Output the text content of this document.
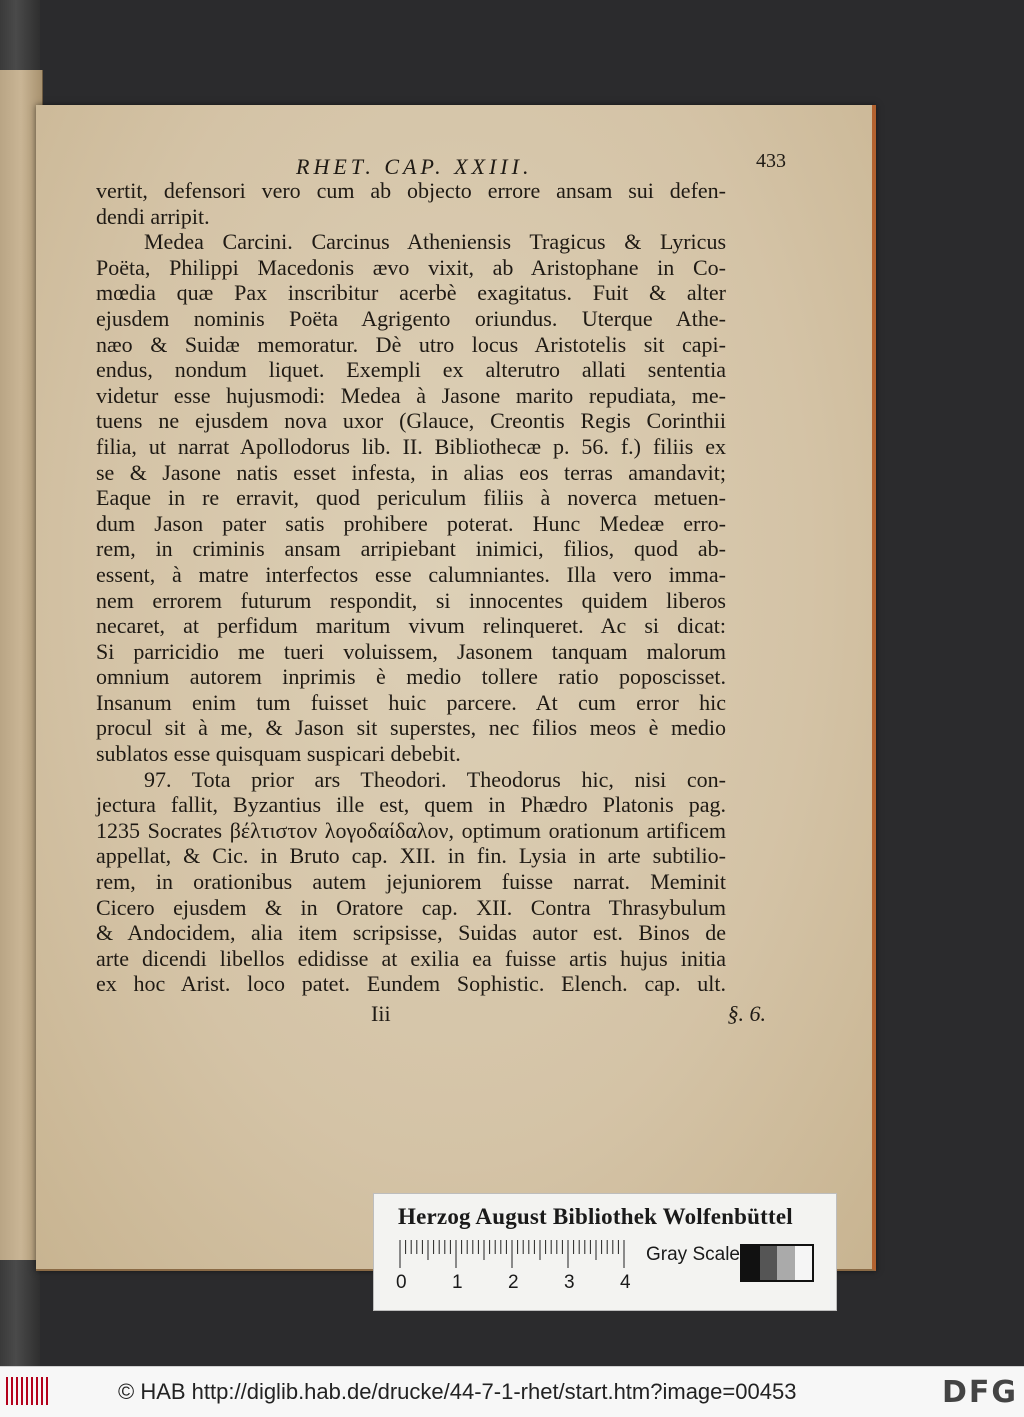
RHET. CAP. XXIII.	433
vertit, defensori vero cum ab objecto errore ansam sui defen-
dendi arripit.
Medea Carcini. Carcinus Atheniensis Tragicus & Lyricus
Poëta, Philippi Macedonis ævo vixit, ab Aristophane in Co-
mœdia quæ Pax inscribitur acerbè exagitatus. Fuit & alter
ejusdem nominis Poëta Agrigento oriundus. Uterque Athe-
næo & Suidæ memoratur. Dè utro locus Aristotelis sit capi-
endus, nondum liquet. Exempli ex alterutro allati sententia
videtur esse hujusmodi: Medea à Jasone marito repudiata, me-
tuens ne ejusdem nova uxor (Glauce, Creontis Regis Corinthii
filia, ut narrat Apollodorus lib. II. Bibliothecæ p. 56. f.) filiis ex
se & Jasone natis esset infesta, in alias eos terras amandavit;
Eaque in re erravit, quod periculum filiis à noverca metuen-
dum Jason pater satis prohibere poterat. Hunc Medeæ erro-
rem, in criminis ansam arripiebant inimici, filios, quod ab-
essent, à matre interfectos esse calumniantes. Illa vero imma-
nem errorem futurum respondit, si innocentes quidem liberos
necaret, at perfidum maritum vivum relinqueret. Ac si dicat:
Si parricidio me tueri voluissem, Jasonem tanquam malorum
omnium autorem inprimis è medio tollere ratio poposcisset.
Insanum enim tum fuisset huic parcere. At cum error hic
procul sit à me, & Jason sit superstes, nec filios meos è medio
sublatos esse quisquam suspicari debebit.
97. Tota prior ars Theodori. Theodorus hic, nisi con-
jectura fallit, Byzantius ille est, quem in Phædro Platonis pag.
1235 Socrates βέλτιστον λογοδαίδαλον, optimum orationum artificem
appellat, & Cic. in Bruto cap. XII. in fin. Lysia in arte subtilio-
rem, in orationibus autem jejuniorem fuisse narrat. Meminit
Cicero ejusdem & in Oratore cap. XII. Contra Thrasybulum
& Andocidem, alia item scripsisse, Suidas autor est. Binos de
arte dicendi libellos edidisse at exilia ea fuisse artis hujus initia
ex hoc Arist. loco patet. Eundem Sophistic. Elench. cap. ult.
Iii	§. 6.
Herzog August Bibliothek Wolfenbüttel
0 1 2 3 4
Gray Scale
© HAB http://diglib.hab.de/drucke/44-7-1-rhet/start.htm?image=00453	DFG
